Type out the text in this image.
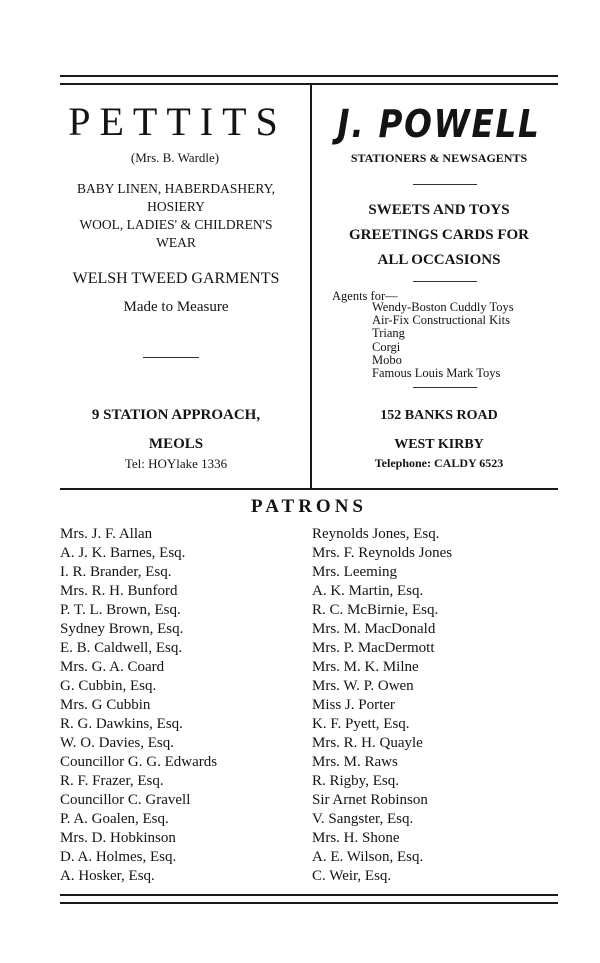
PETTITS
(Mrs. B. Wardle)
BABY LINEN, HABERDASHERY,
HOSIERY
WOOL, LADIES' & CHILDREN'S
WEAR
WELSH TWEED GARMENTS
Made to Measure
9 STATION APPROACH,
MEOLS
Tel: HOYlake 1336
J. POWELL
STATIONERS & NEWSAGENTS
SWEETS AND TOYS
GREETINGS CARDS FOR
ALL OCCASIONS
Agents for—
Wendy-Boston Cuddly Toys
Air-Fix Constructional Kits
Triang
Corgi
Mobo
Famous Louis Mark Toys
152 BANKS ROAD
WEST KIRBY
Telephone: CALDY 6523
PATRONS
Mrs. J. F. Allan
A. J. K. Barnes, Esq.
I. R. Brander, Esq.
Mrs. R. H. Bunford
P. T. L. Brown, Esq.
Sydney Brown, Esq.
E. B. Caldwell, Esq.
Mrs. G. A. Coard
G. Cubbin, Esq.
Mrs. G Cubbin
R. G. Dawkins, Esq.
W. O. Davies, Esq.
Councillor G. G. Edwards
R. F. Frazer, Esq.
Councillor C. Gravell
P. A. Goalen, Esq.
Mrs. D. Hobkinson
D. A. Holmes, Esq.
A. Hosker, Esq.
Reynolds Jones, Esq.
Mrs. F. Reynolds Jones
Mrs. Leeming
A. K. Martin, Esq.
R. C. McBirnie, Esq.
Mrs. M. MacDonald
Mrs. P. MacDermott
Mrs. M. K. Milne
Mrs. W. P. Owen
Miss J. Porter
K. F. Pyett, Esq.
Mrs. R. H. Quayle
Mrs. M. Raws
R. Rigby, Esq.
Sir Arnet Robinson
V. Sangster, Esq.
Mrs. H. Shone
A. E. Wilson, Esq.
C. Weir, Esq.
